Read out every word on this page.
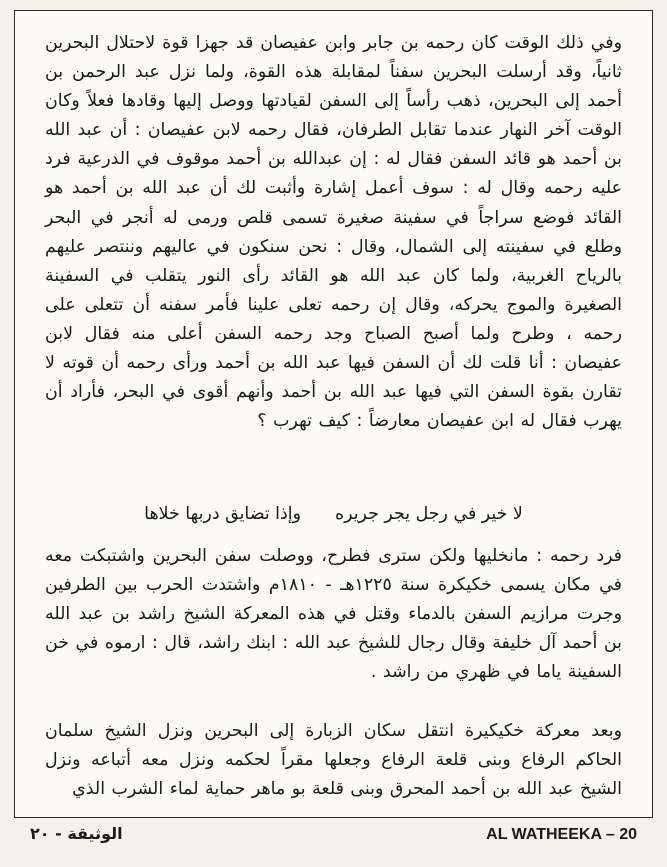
وفي ذلك الوقت كان رحمه بن جابر وابن عفيصان قد جهزا قوة لاحتلال البحرين ثانياً، وقد أرسلت البحرين سفناً لمقابلة هذه القوة، ولما نزل عبد الرحمن بن أحمد إلى البحرين، ذهب رأساً إلى السفن لقيادتها ووصل إليها وقادها فعلاً وكان الوقت آخر النهار عندما تقابل الطرفان، فقال رحمه لابن عفيصان : أن عبد الله بن أحمد هو قائد السفن فقال له : إن عبدالله بن أحمد موقوف في الدرعية فرد عليه رحمه وقال له : سوف أعمل إشارة وأثبت لك أن عبد الله بن أحمد هو القائد فوضع سراجاً في سفينة صغيرة تسمى قلص ورمى له أنجر في البحر وطلع في سفينته إلى الشمال، وقال : نحن سنكون في عاليهم وننتصر عليهم بالرياح الغربية، ولما كان عبد الله هو القائد رأى النور يتقلب في السفينة الصغيرة والموج يحركه، وقال إن رحمه تعلى علينا فأمر سفنه أن تتعلى على رحمه ، وطرح ولما أصبح الصباح وجد رحمه السفن أعلى منه فقال لابن عفيصان : أنا قلت لك أن السفن فيها عبد الله بن أحمد ورأى رحمه أن قوته لا تقارن بقوة السفن التي فيها عبد الله بن أحمد وأنهم أقوى في البحر، فأراد أن يهرب فقال له ابن عفيصان معارضاً : كيف تهرب ؟

لا خير في رجل يجر جريرهوإذا تضايق دربها خلاها

فرد رحمه : مانخليها ولكن سترى فطرح، ووصلت سفن البحرين واشتبكت معه في مكان يسمى خكيكرة سنة ١٢٢٥هـ - ١٨١٠م واشتدت الحرب بين الطرفين وجرت مرازيم السفن بالدماء وقتل في هذه المعركة الشيخ راشد بن عبد الله بن أحمد آل خليفة وقال رجال للشيخ عبد الله : ابنك راشد، قال : ارموه في خن السفينة ياما في ظهري من راشد .

وبعد معركة خكيكيرة انتقل سكان الزبارة إلى البحرين ونزل الشيخ سلمان الحاكم الرفاع وبنى قلعة الرفاع وجعلها مقراً لحكمه ونزل معه أتباعه ونزل الشيخ عبد الله بن أحمد المحرق وبنى قلعة بو ماهر حماية لماء الشرب الذي

AL WATHEEKA – 20
الوثيقة - ٢٠
